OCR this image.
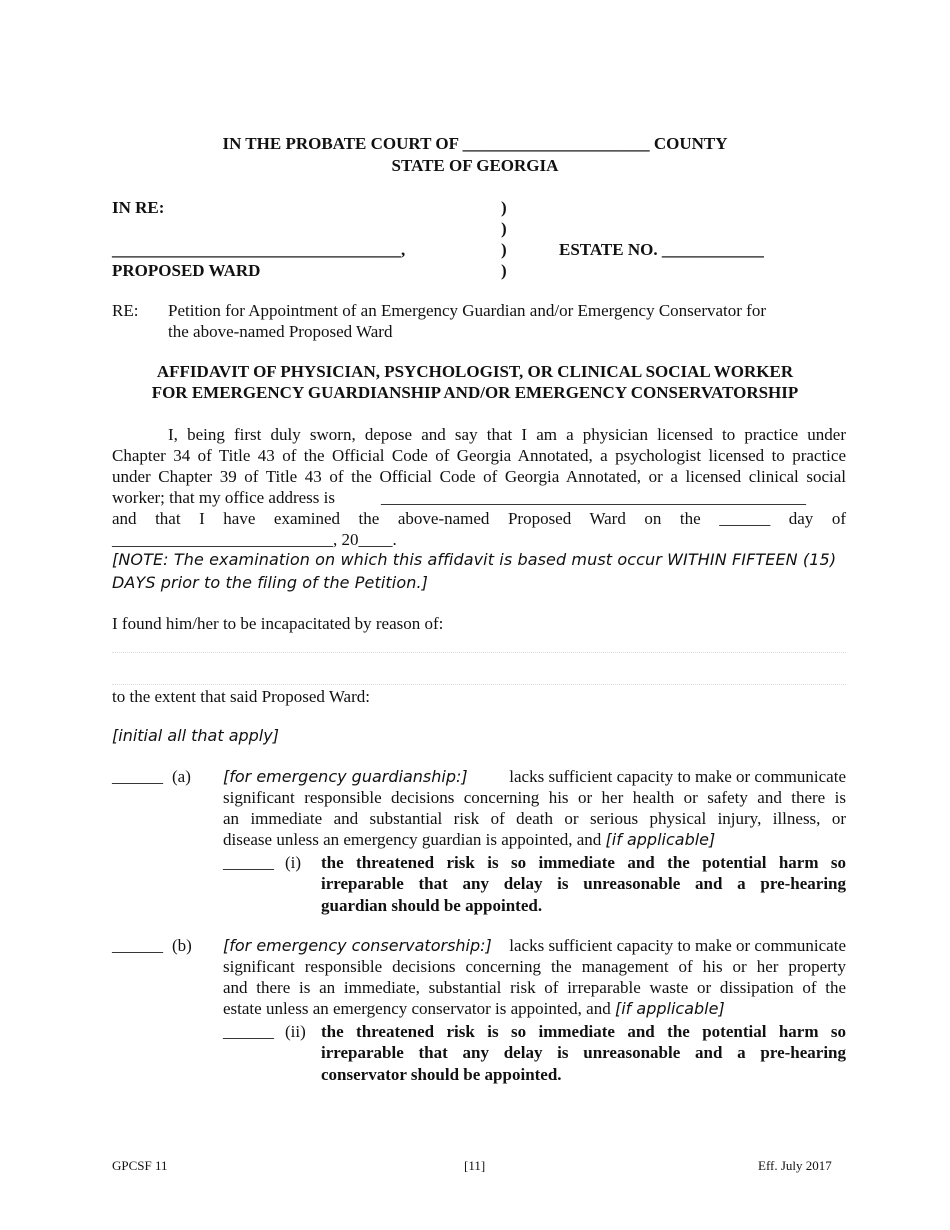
IN THE PROBATE COURT OF ______________________ COUNTY
STATE OF GEORGIA
IN RE:	)
)
__________________________________,	)	ESTATE NO. ____________
PROPOSED WARD	)
RE: Petition for Appointment of an Emergency Guardian and/or Emergency Conservator for
the above-named Proposed Ward
AFFIDAVIT OF PHYSICIAN, PSYCHOLOGIST, OR CLINICAL SOCIAL WORKER
FOR EMERGENCY GUARDIANSHIP AND/OR EMERGENCY CONSERVATORSHIP
I, being first duly sworn, depose and say that I am a physician licensed to practice under
Chapter 34 of Title 43 of the Official Code of Georgia Annotated, a psychologist licensed to practice
under Chapter 39 of Title 43 of the Official Code of Georgia Annotated, or a licensed clinical social
worker; that my office address is	__________________________________________________
and that I have examined the above-named Proposed Ward on the ______ day of
__________________________, 20____.
[NOTE: The examination on which this affidavit is based must occur WITHIN FIFTEEN (15)
DAYS prior to the filing of the Petition.]
I found him/her to be incapacitated by reason of:
to the extent that said Proposed Ward:
[initial all that apply]
______ (a) [for emergency guardianship:] lacks sufficient capacity to make or communicate
significant responsible decisions concerning his or her health or safety and there is
an immediate and substantial risk of death or serious physical injury, illness, or
disease unless an emergency guardian is appointed, and [if applicable]
______ (i) the threatened risk is so immediate and the potential harm so
irreparable that any delay is unreasonable and a pre-hearing
guardian should be appointed.
______ (b) [for emergency conservatorship:] lacks sufficient capacity to make or communicate
significant responsible decisions concerning the management of his or her property
and there is an immediate, substantial risk of irreparable waste or dissipation of the
estate unless an emergency conservator is appointed, and [if applicable]
______ (ii) the threatened risk is so immediate and the potential harm so
irreparable that any delay is unreasonable and a pre-hearing
conservator should be appointed.
GPCSF 11	[11]	Eff. July 2017
